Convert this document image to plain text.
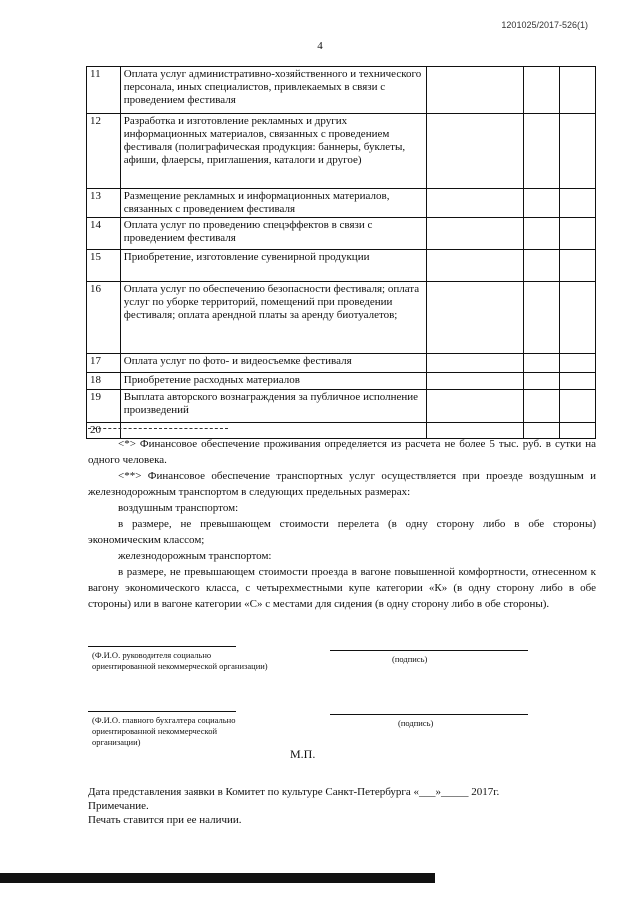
1201025/2017-526(1)
4
11	Оплата услуг административно-хозяйственного и технического персонала, иных специалистов, привлекаемых в связи с проведением фестиваля			
12	Разработка и изготовление рекламных и других информационных материалов, связанных с проведением фестиваля (полиграфическая продукция: баннеры, буклеты, афиши, флаерсы, приглашения, каталоги и другое)			
13	Размещение рекламных и информационных материалов, связанных с проведением фестиваля			
14	Оплата услуг по проведению спецэффектов в связи с проведением фестиваля			
15	Приобретение, изготовление сувенирной продукции			
16	Оплата услуг по обеспечению безопасности фестиваля; оплата услуг по уборке территорий, помещений при проведении фестиваля; оплата арендной платы за аренду биотуалетов;			
17	Оплата услуг по фото- и видеосъемке фестиваля			
18	Приобретение расходных материалов			
19	Выплата авторского вознаграждения за публичное исполнение произведений			
20				

<*> Финансовое обеспечение проживания определяется из расчета не более 5 тыс. руб. в сутки на одного человека.

<**> Финансовое обеспечение транспортных услуг осуществляется при проезде воздушным и железнодорожным транспортом в следующих предельных размерах:

воздушным транспортом:

в размере, не превышающем стоимости перелета (в одну сторону либо в обе стороны) экономическим классом;

железнодорожным транспортом:

в размере, не превышающем стоимости проезда в вагоне повышенной комфортности, отнесенном к вагону экономического класса, с четырехместными купе категории «К» (в одну сторону либо в обе стороны) или в вагоне категории «С» с местами для сидения (в одну сторону либо в обе стороны).

(Ф.И.О. руководителя социально ориентированной некоммерческой организации)
(подпись)
(Ф.И.О. главного бухгалтера социально ориентированной некоммерческой организации)
(подпись)
М.П.
Дата представления заявки в Комитет по культуре Санкт-Петербурга «___»_____ 2017г.
Примечание.
Печать ставится при ее наличии.
